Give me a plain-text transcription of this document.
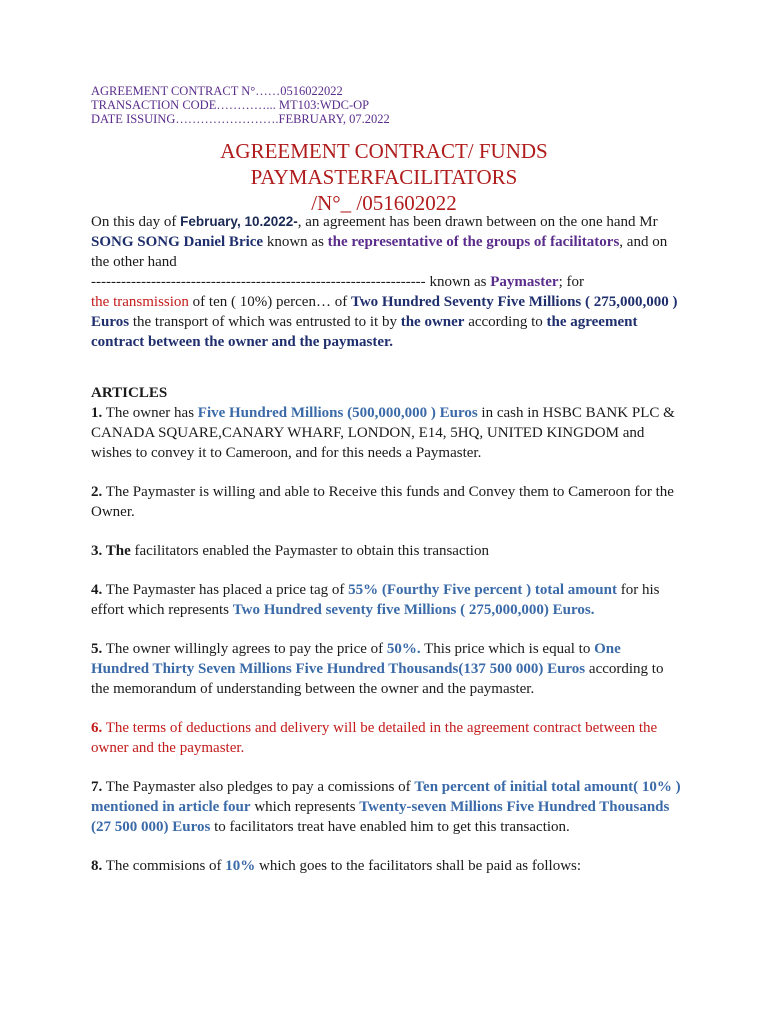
AGREEMENT CONTRACT N°……0516022022
TRANSACTION CODE…………... MT103:WDC-OP
DATE ISSUING…………………….FEBRUARY, 07.2022
AGREEMENT CONTRACT/ FUNDS
PAYMASTERFACILITATORS
/N°_ /051602022

On this day of February, 10.2022-, an agreement has been drawn between on the one hand Mr SONG SONG Daniel Brice known as the representative of the groups of facilitators, and on the other hand
------------------------------------------------------------------- known as Paymaster; for
the transmission of ten ( 10%) percen… of Two Hundred Seventy Five Millions ( 275,000,000 ) Euros the transport of which was entrusted to it by the owner according to the agreement contract between the owner and the paymaster.

ARTICLES

1. The owner has Five Hundred Millions (500,000,000 ) Euros in cash in HSBC BANK PLC & CANADA SQUARE,CANARY WHARF, LONDON, E14, 5HQ, UNITED KINGDOM and wishes to convey it to Cameroon, and for this needs a Paymaster.

2. The Paymaster is willing and able to Receive this funds and Convey them to Cameroon for the Owner.

3. The facilitators enabled the Paymaster to obtain this transaction

4. The Paymaster has placed a price tag of 55% (Fourthy Five percent ) total amount for his effort which represents Two Hundred seventy five Millions ( 275,000,000) Euros.

5. The owner willingly agrees to pay the price of 50%. This price which is equal to One Hundred Thirty Seven Millions Five Hundred Thousands(137 500 000) Euros according to the memorandum of understanding between the owner and the paymaster.

6. The terms of deductions and delivery will be detailed in the agreement contract between the owner and the paymaster.

7. The Paymaster also pledges to pay a comissions of Ten percent of initial total amount( 10% ) mentioned in article four which represents Twenty-seven Millions Five Hundred Thousands (27 500 000) Euros to facilitators treat have enabled him to get this transaction.

8. The commisions of 10% which goes to the facilitators shall be paid as follows:
